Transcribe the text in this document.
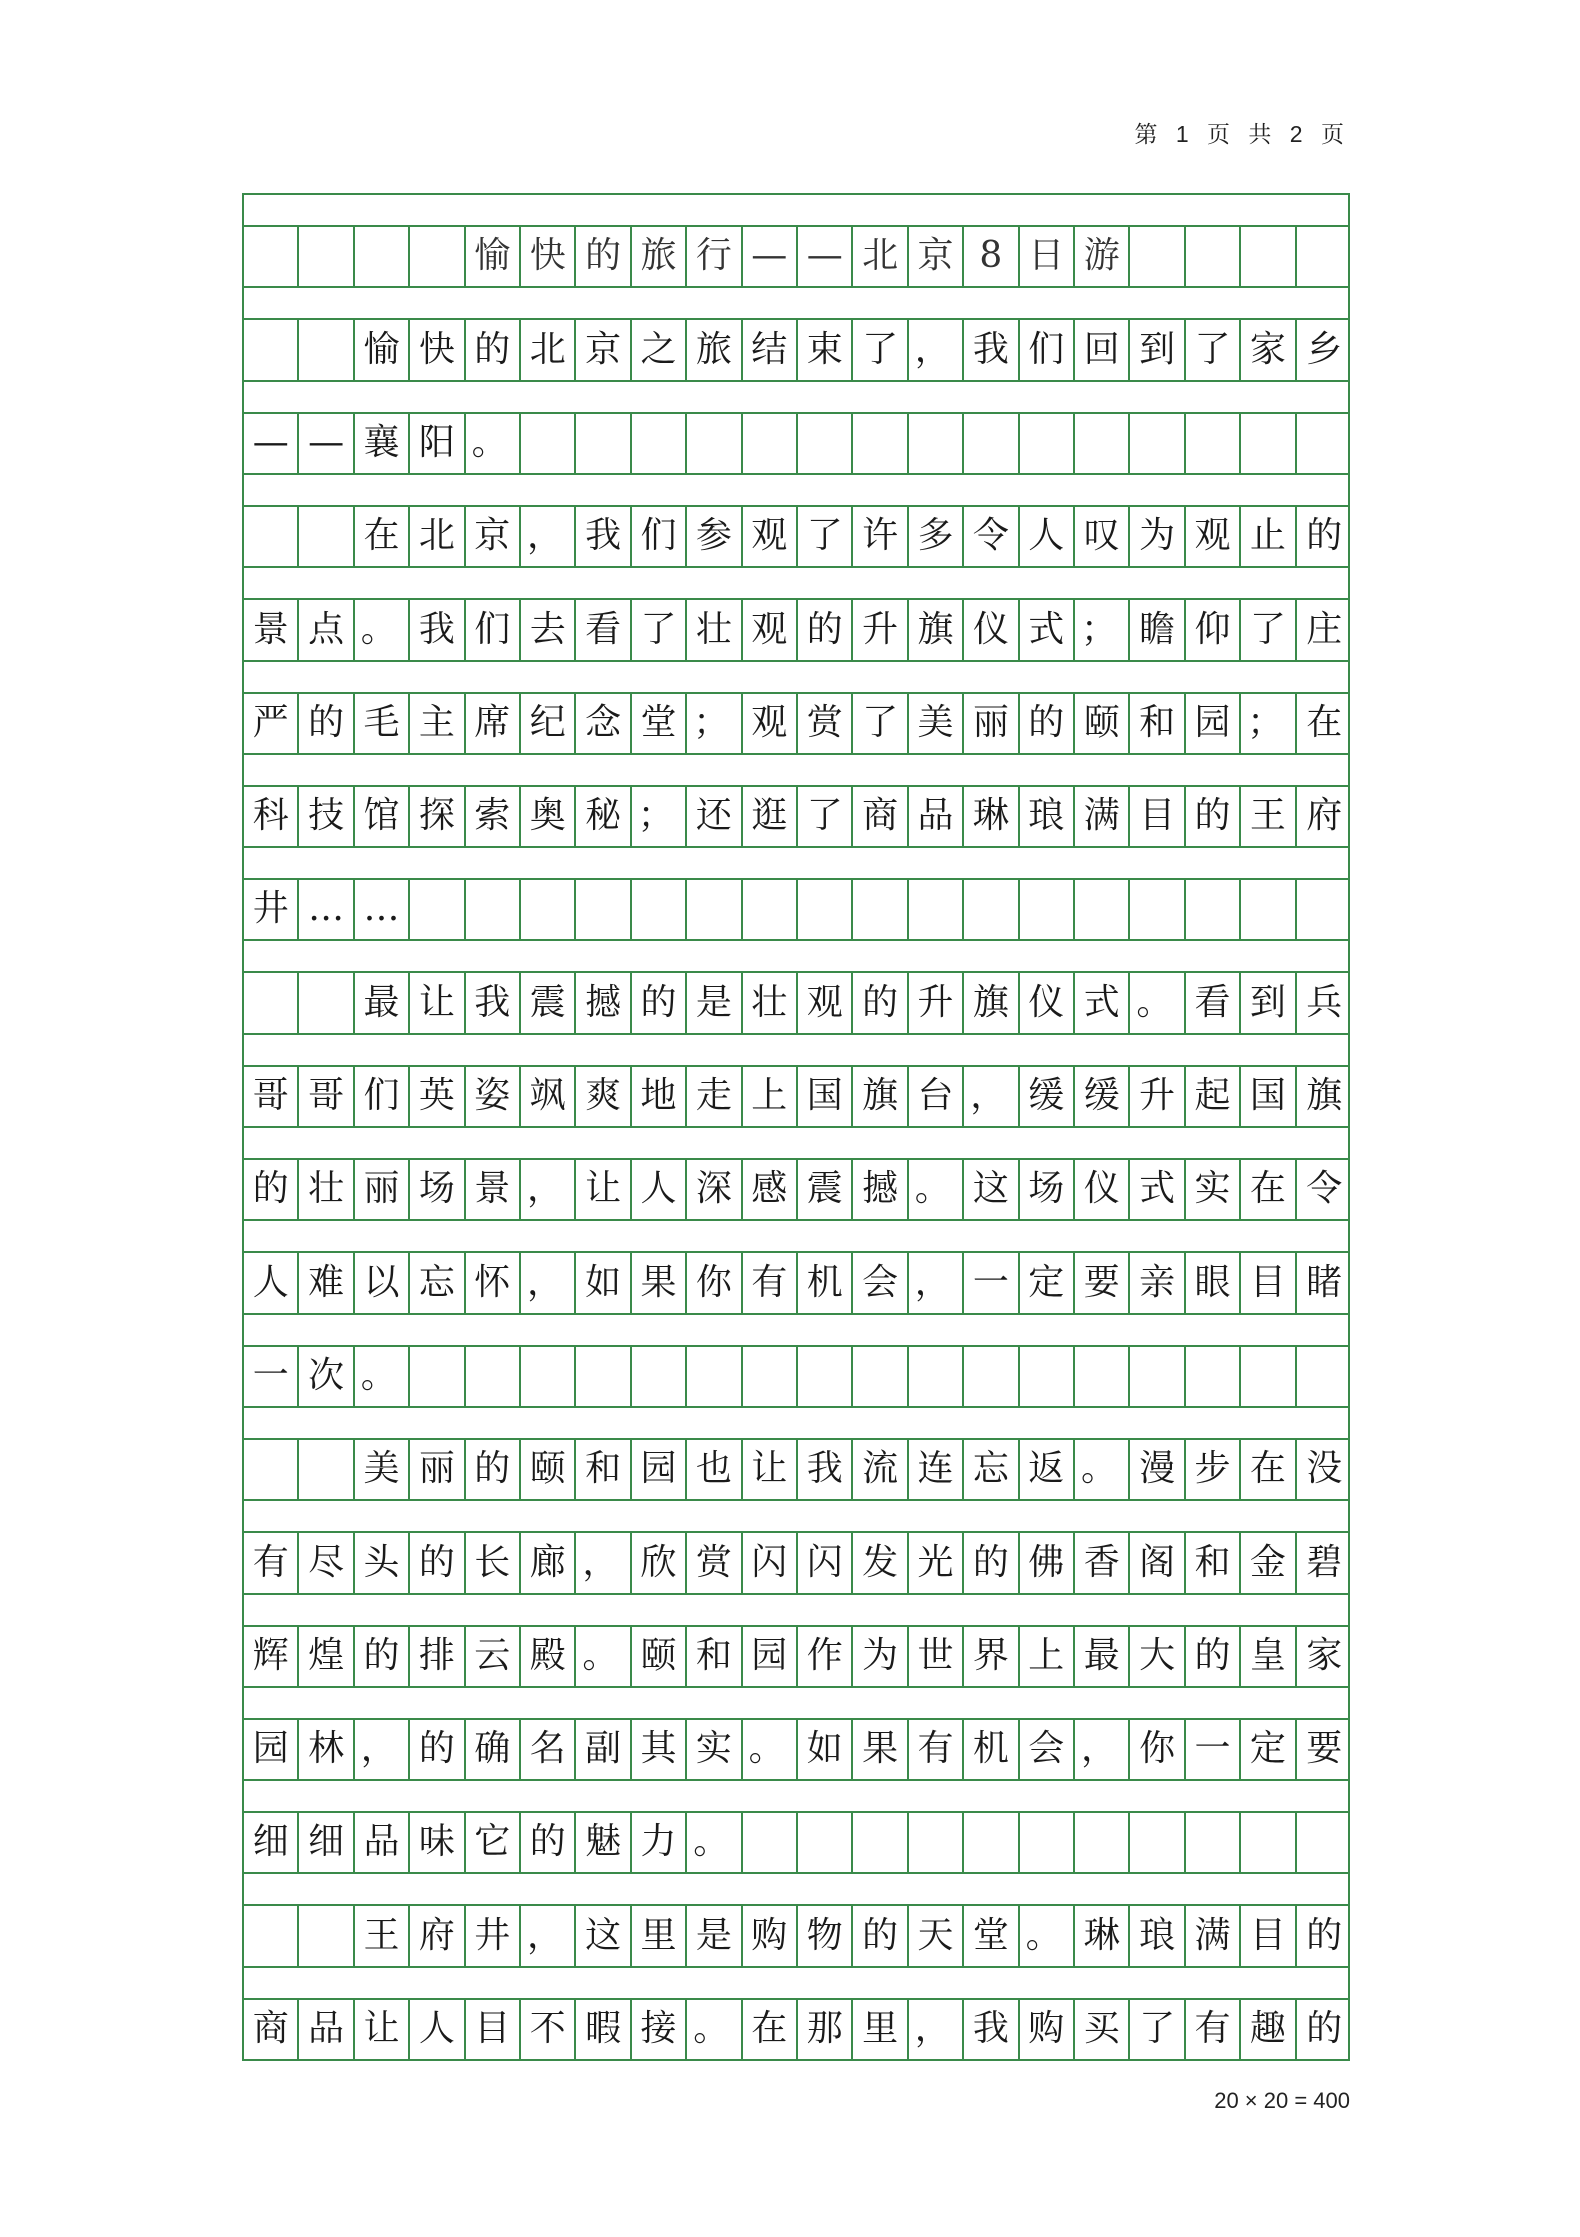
第 1 页 共 2 页
愉 快 的 旅 行 — — 北 京 8 日 游
愉 快 的 北 京 之 旅 结 束 了 ， 我 们 回 到 了 家 乡
— — 襄 阳 。
在 北 京 ， 我 们 参 观 了 许 多 令 人 叹 为 观 止 的
景 点 。 我 们 去 看 了 壮 观 的 升 旗 仪 式 ； 瞻 仰 了 庄
严 的 毛 主 席 纪 念 堂 ； 观 赏 了 美 丽 的 颐 和 园 ； 在
科 技 馆 探 索 奥 秘 ； 还 逛 了 商 品 琳 琅 满 目 的 王 府
井 … …
最 让 我 震 撼 的 是 壮 观 的 升 旗 仪 式 。 看 到 兵
哥 哥 们 英 姿 飒 爽 地 走 上 国 旗 台 ， 缓 缓 升 起 国 旗
的 壮 丽 场 景 ， 让 人 深 感 震 撼 。 这 场 仪 式 实 在 令
人 难 以 忘 怀 ， 如 果 你 有 机 会 ， 一 定 要 亲 眼 目 睹
一 次 。
美 丽 的 颐 和 园 也 让 我 流 连 忘 返 。 漫 步 在 没
有 尽 头 的 长 廊 ， 欣 赏 闪 闪 发 光 的 佛 香 阁 和 金 碧
辉 煌 的 排 云 殿 。 颐 和 园 作 为 世 界 上 最 大 的 皇 家
园 林 ， 的 确 名 副 其 实 。 如 果 有 机 会 ， 你 一 定 要
细 细 品 味 它 的 魅 力 。
王 府 井 ， 这 里 是 购 物 的 天 堂 。 琳 琅 满 目 的
商 品 让 人 目 不 暇 接 。 在 那 里 ， 我 购 买 了 有 趣 的
20 × 20 = 400
